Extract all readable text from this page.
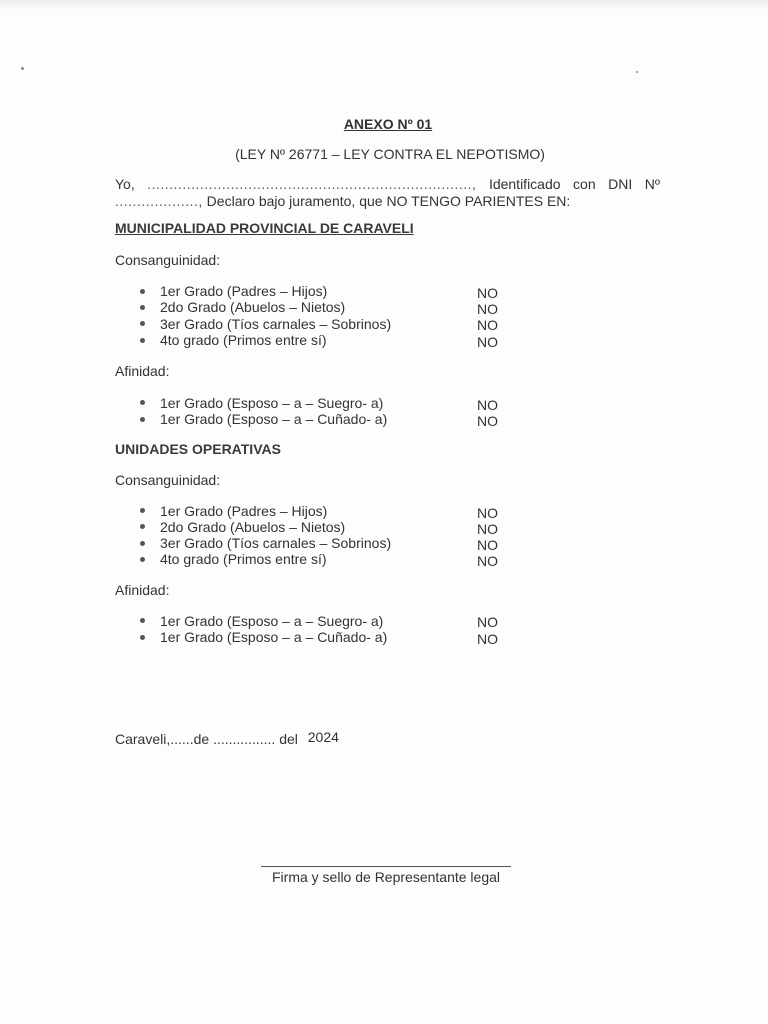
ANEXO Nº 01
(LEY Nº 26771 – LEY CONTRA EL NEPOTISMO)
Yo, .........................................................................., Identificado con DNI Nº
..................., Declaro bajo juramento, que NO TENGO PARIENTES EN:
MUNICIPALIDAD PROVINCIAL DE CARAVELI
Consanguinidad:
1er Grado (Padres – Hijos)	NO
2do Grado (Abuelos – Nietos)	NO
3er Grado (Tíos carnales – Sobrinos)	NO
4to grado (Primos entre sí)	NO
Afinidad:
1er Grado (Esposo – a – Suegro- a)	NO
1er Grado (Esposo – a – Cuñado- a)	NO
UNIDADES OPERATIVAS
Consanguinidad:
1er Grado (Padres – Hijos)	NO
2do Grado (Abuelos – Nietos)	NO
3er Grado (Tíos carnales – Sobrinos)	NO
4to grado (Primos entre sí)	NO
Afinidad:
1er Grado (Esposo – a – Suegro- a)	NO
1er Grado (Esposo – a – Cuñado- a)	NO
Caraveli,......de ................ del 2024
Firma y sello de Representante legal
